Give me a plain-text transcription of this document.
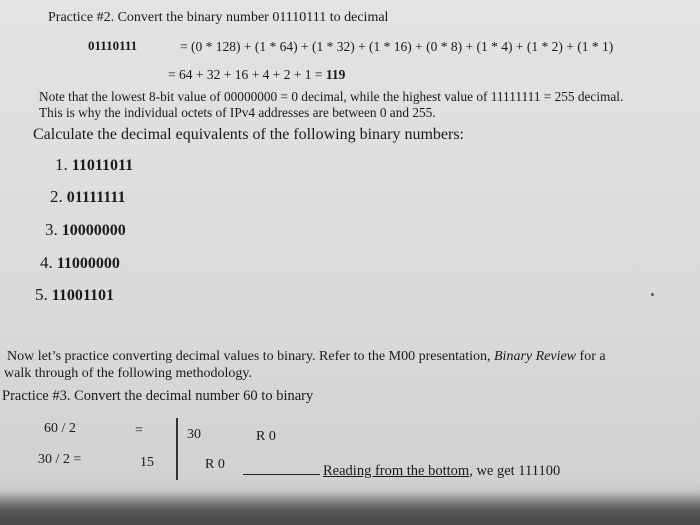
Practice #2. Convert the binary number 01110111 to decimal
01110111	= (0 * 128) + (1 * 64) + (1 * 32) + (1 * 16) + (0 * 8) + (1 * 4) + (1 * 2) + (1 * 1)
= 64 + 32 + 16 + 4 + 2 + 1 = 119
Note that the lowest 8-bit value of 00000000 = 0 decimal, while the highest value of 11111111 = 255 decimal.
This is why the individual octets of IPv4 addresses are between 0 and 255.
Calculate the decimal equivalents of the following binary numbers:
1. 11011011
2. 01111111
3. 10000000
4. 11000000
5. 11001101
Now let’s practice converting decimal values to binary. Refer to the M00 presentation, Binary Review for a
walk through of the following methodology.
Practice #3. Convert the decimal number 60 to binary
60 / 2	=	30	R 0
30 / 2 =	15	R 0	Reading from the bottom, we get 111100
